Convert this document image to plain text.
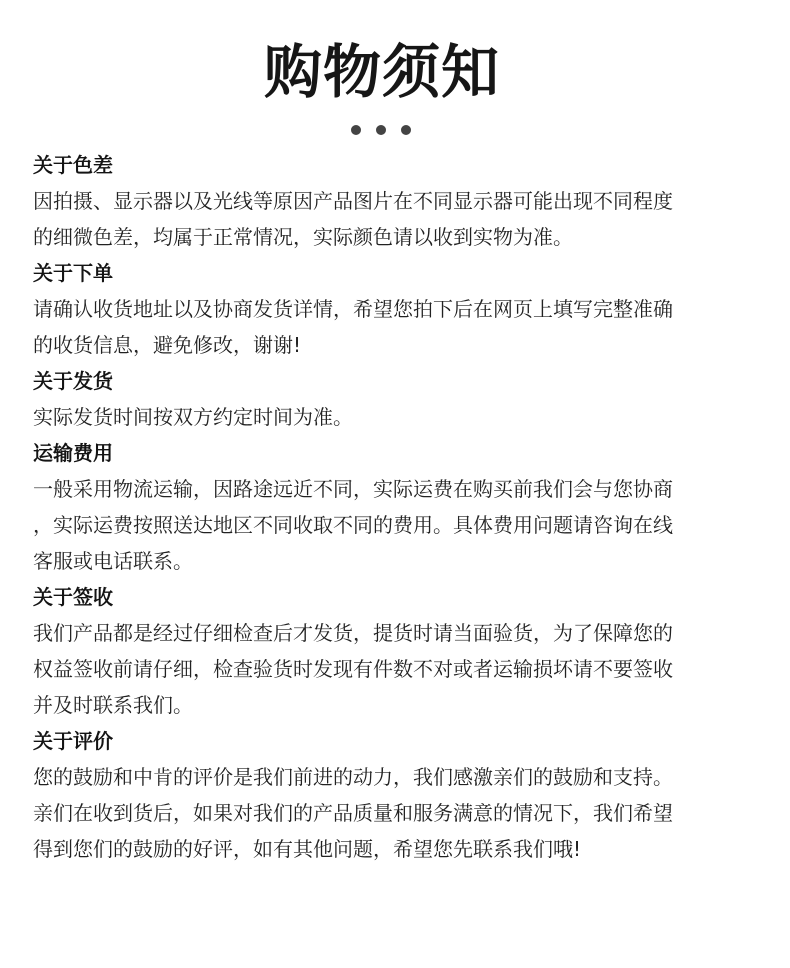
购物须知
关于色差
因拍摄、显示器以及光线等原因产品图片在不同显示器可能出现不同程度
的细微色差，均属于正常情况，实际颜色请以收到实物为准。
关于下单
请确认收货地址以及协商发货详情，希望您拍下后在网页上填写完整准确
的收货信息，避免修改，谢谢!
关于发货
实际发货时间按双方约定时间为准。
运输费用
一般采用物流运输，因路途远近不同，实际运费在购买前我们会与您协商
，实际运费按照送达地区不同收取不同的费用。具体费用问题请咨询在线
客服或电话联系。
关于签收
我们产品都是经过仔细检查后才发货，提货时请当面验货，为了保障您的
权益签收前请仔细，检查验货时发现有件数不对或者运输损坏请不要签收
并及时联系我们。
关于评价
您的鼓励和中肯的评价是我们前进的动力，我们感激亲们的鼓励和支持。
亲们在收到货后，如果对我们的产品质量和服务满意的情况下，我们希望
得到您们的鼓励的好评，如有其他问题，希望您先联系我们哦!
